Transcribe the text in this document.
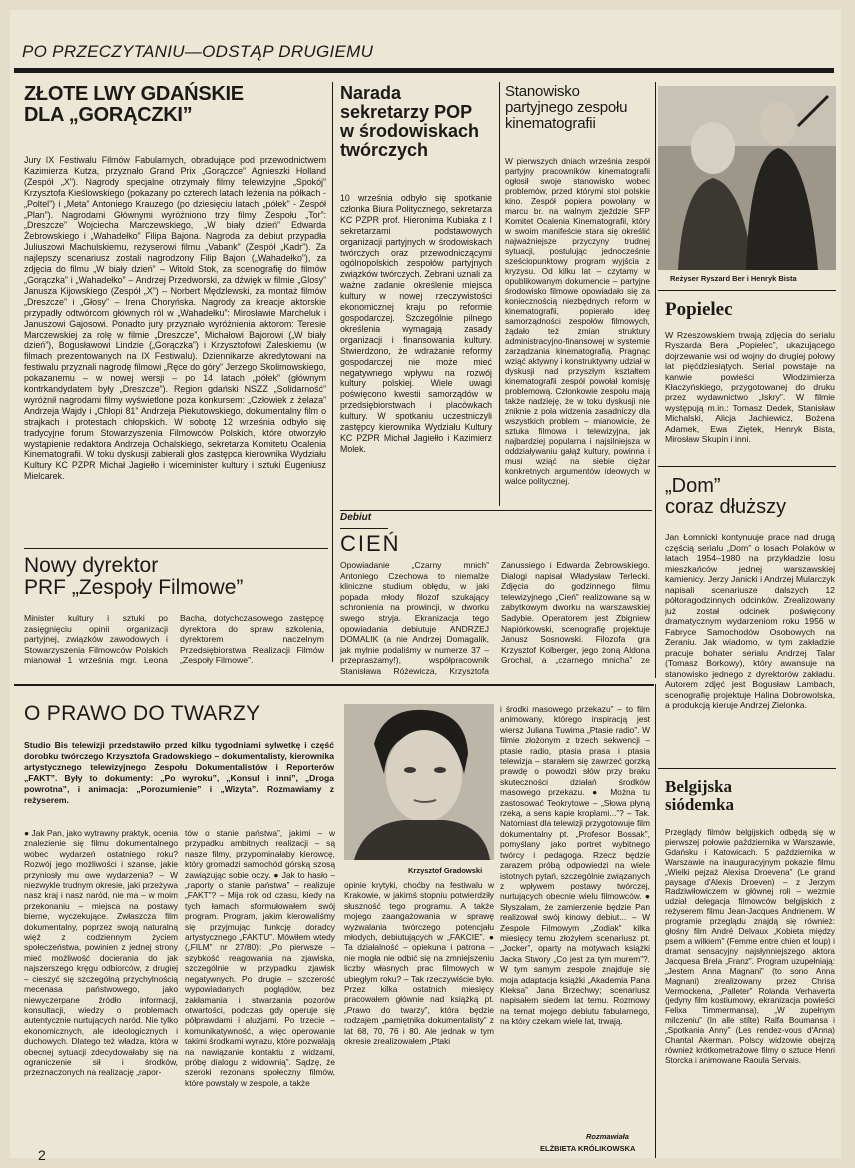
PO PRZECZYTANIU—ODSTĄP DRUGIEMU
ZŁOTE LWY GDAŃSKIE
DLA „GORĄCZKI”

Jury IX Festiwalu Filmów Fabularnych, obradujące pod przewodnictwem Kazimierza Kutza, przyznało Grand Prix „Gorączce” Agnieszki Holland (Zespół „X”). Nagrody specjalne otrzymały filmy telewizyjne „Spokój” Krzysztofa Kieślowskiego (pokazany po czterech latach leżenia na półkach - „Poltel”) i „Meta” Antoniego Krauzego (po dziesięciu latach „półek” - Zespół „Plan”). Nagrodami Głównymi wyróżniono trzy filmy Zespołu „Tor”: „Dreszcze” Wojciecha Marczewskiego, „W biały dzień” Edwarda Żebrowskiego i „Wahadełko” Filipa Bajona. Nagroda za debiut przypadła Juliuszowi Machulskiemu, reżyserowi filmu „Vabank” (Zespół „Kadr”). Za najlepszy scenariusz zostali nagrodzony Filip Bajon („Wahadełko”), za zdjęcia do filmu „W biały dzień” – Witold Stok, za scenografię do filmów „Gorączka” i „Wahadełko” – Andrzej Przedworski, za dźwięk w filmie „Glosy” Janusza Kijowskiego (Zespół „X”) – Norbert Mędzlewski, za montaż filmów „Dreszcze” i „Głosy” – Irena Choryńska. Nagrody za kreacje aktorskie przypadły odtwórcom głównych ról w „Wahadełku”: Mirosławie Marcheluk i Januszowi Gajosowi. Ponadto jury przyznało wyróżnienia aktorom: Teresie Marczewskiej za rolę w filmie „Dreszcze”, Michałowi Bajorowi („W biały dzień”), Bogusławowi Lindzie („Gorączka”) i Krzysztofowi Zaleskiemu (w filmach prezentowanych na IX Festiwalu). Dziennikarze akredytowani na festiwalu przyznali nagrodę filmowi „Ręce do góry” Jerzego Skolimowskiego, pokazanemu – w nowej wersji – po 14 latach „półek” (głównym kontrkandydatem były „Dreszcze”). Region gdański NSZZ „Solidarność” wyróżnił nagrodami filmy wyświetlone poza konkursem: „Człowiek z żelaza” Andrzeja Wajdy i „Chłopi 81” Andrzeja Piekutowskiego, dokumentalny film o strajkach i protestach chłopskich. W sobotę 12 września odbyło się tradycyjne forum Stowarzyszenia Filmowców Polskich, które otworzyło wystąpienie redaktora Andrzeja Ochalskiego, sekretarza Komitetu Ocalenia Kinematografii. W toku dyskusji zabierali głos zastępca kierownika Wydziału Kultury KC PZPR Michał Jagiełło i wiceminister kultury i sztuki Eugeniusz Mielcarek.

Narada sekretarzy POP w środowiskach twórczych

10 września odbyło się spotkanie członka Biura Politycznego, sekretarza KC PZPR prof. Hieronima Kubiaka z I sekretarzami podstawowych organizacji partyjnych w środowiskach twórczych oraz przewodniczącymi ogólnopolskich zespołów partyjnych związków twórczych. Zebrani uznali za ważne zadanie określenie miejsca kultury w nowej rzeczywistości ekonomicznej kraju po reformie gospodarczej. Szczególnie pilnego określenia wymagają zasady organizacji i finansowania kultury. Stwierdzono, że wdrażanie reformy gospodarczej nie może mieć negatywnego wpływu na rozwój kultury polskiej. Wiele uwagi poświęcono kwestii samorządów w przedsiębiorstwach i placówkach kultury. W spotkaniu uczestniczyli zastępcy kierownika Wydziału Kultury KC PZPR Michał Jagiełło i Kazimierz Molek.

Stanowisko partyjnego zespołu kinematografii

W pierwszych dniach września zespół partyjny pracowników kinematografii ogłosił swoje stanowisko wobec problemów, przed którymi stoi polskie kino. Zespół popiera powołany w marcu br. na walnym zjeździe SFP Komitet Ocalenia Kinematografii, który w swoim manifeście stara się określić najważniejsze przyczyny trudnej sytuacji, postulując jednocześnie sześciopunktowy program wyjścia z kryzysu. Od kilku lat – czytamy w opublikowanym dokumencie – partyjne środowisko filmowe opowiadało się za koniecznością niezbędnych reform w kinematografii, popierało ideę samorządności zespołów filmowych, żądało też zmian struktury administracyjno-finansowej w systemie zarządzania kinematografią. Pragnąc wziąć aktywny i konstruktywny udział w dyskusji nad przyszłym kształtem kinematografii zespół powołał komisję problemową. Członkowie zespołu mają także nadzieję, że w toku dyskusji nie zniknie z pola widzenia zasadniczy dla wszystkich problem – mianowicie, że sztuka filmowa i telewizyjna, jak najbardziej popularna i najsilniejsza w oddziaływaniu gałąź kultury, powinna i musi wziąć na siebie ciężar konkretnych argumentów ideowych w walce politycznej.

Reżyser Ryszard Ber i Henryk Bista
Popielec

W Rzeszowskiem trwają zdjęcia do serialu Ryszarda Bera „Popielec”, ukazującego dojrzewanie wsi od wojny do drugiej połowy lat pięćdziesiątych. Serial powstaje na kanwie powieści Włodzimierza Kłaczyńskiego, przygotowanej do druku przez wydawnictwo „Iskry”. W filmie występują m.in.: Tomasz Dedek, Stanisław Michalski, Alicja Jachiewicz, Bożena Adamek, Ewa Ziętek, Henryk Bista, Mirosław Skupin i inni.

„Dom”
coraz dłuższy

Jan Łomnicki kontynuuje prace nad drugą częścią serialu „Dom” o losach Polaków w latach 1954–1980 na przykładzie losu mieszkańców jednej warszawskiej kamienicy. Jerzy Janicki i Andrzej Mularczyk napisali scenariusze dalszych 12 półtoragodzinnych odcinków. Zrealizowany już został odcinek poświęcony dramatycznym wydarzeniom roku 1956 w Fabryce Samochodów Osobowych na Żeraniu. Jak wiadomo, w tym zakładzie pracuje bohater serialu Andrzej Talar (Tomasz Borkowy), który awansuje na stanowisko jednego z dyrektorów zakładu. Autorem zdjęć jest Bogusław Lambach, scenografię projektuje Halina Dobrowolska, a produkcją kieruje Andrzej Zielonka.

Belgijska
siódemka

Przeglądy filmów belgijskich odbędą się w pierwszej połowie października w Warszawie, Gdańsku i Katowicach. 5 października w Warszawie na inauguracyjnym pokazie filmu „Wielki pejzaż Alexisa Droevena” (Le grand paysage d'Alexis Droeven) – z Jerzym Radziwiłowiczem w głównej roli – wezmie udział delegacja filmowców belgijskich z reżyserem filmu Jean-Jacques Andrienem. W programie przeglądu znajdą się również: głośny film André Delvaux „Kobieta między psem a wilkiem” (Femme entre chien et loup) i dramat sensacyjny najsłynniejszego aktora Jacquesa Brela „Franz”. Program uzupełniają: „Jestem Anna Magnani” (to sono Anna Magnani) zrealizowany przez Chrisa Vermockena, „Palleter” Rolanda Verhaverta (jedyny film kostiumowy, ekranizacja powieści Felixa Timmermansa), „W zupełnym milczeniu” (In alle stilte) Ralfa Boumansa i „Spotkania Anny” (Les rendez-vous d'Anna) Chantal Akerman. Polscy widzowie obejrzą również krótkometrażowe filmy o sztuce Henri Storcka i animowane Raoula Servais.

Debiut
CIEŃ

Opowiadanie „Czarny mnich” Antoniego Czechowa to niemalże kliniczne studium obłędu, w jaki popada młody filozof szukający schronienia na prowincji, w dworku swego stryja. Ekranizacja tego opowiadania debiutuje ANDRZEJ DOMALIK (a nie Andrzej Domagalik, jak mylnie podaliśmy w numerze 37 – przepraszamy!), współpracownik Stanisława Różewicza, Krzysztofa Zanussiego i Edwarda Żebrowskiego. Dialogi napisał Władysław Terlecki. Zdjęcia do godzinnego filmu telewizyjnego „Cień” realizowane są w zabytkowym dworku na warszawskiej Sadybie. Operatorem jest Zbigniew Napiórkowski, scenografię projektuje Janusz Sosnowski. Filozofa gra Krzysztof Kolberger, jego żoną Aldona Grochal, a „czarnego mnicha” ze

Nowy dyrektor
PRF „Zespoły Filmowe”

Minister kultury i sztuki po zasięgnięciu opinii organizacji partyjnej, związków zawodowych i Stowarzyszenia Filmowców Polskich mianował 1 września mgr. Leona Bacha, dotychczasowego zastępcę dyrektora do spraw szkolenia, dyrektorem naczelnym Przedsiębiorstwa Realizacji Filmów „Zespoły Filmowe”.

O PRAWO DO TWARZY

Studio Bis telewizji przedstawiło przed kilku tygodniami sylwetkę i część dorobku twórczego Krzysztofa Gradowskiego – dokumentalisty, kierownika artystycznego telewizyjnego Zespołu Dokumentalistów i Reporterów „FAKT”. Były to dokumenty: „Po wyroku”, „Konsul i inni”, „Droga powrotna”, i animacja: „Porozumienie” i „Wizyta”. Rozmawiamy z reżyserem.

● Jak Pan, jako wytrawny praktyk, ocenia znalezienie się filmu dokumentalnego wobec wydarzeń ostatniego roku? Rozwój jego możliwości i szanse, jakie przyniosły mu owe wydarzenia? – W niezwykle trudnym okresie, jaki przeżywa nasz kraj i nasz naród, nie ma – w moim przekonaniu – miejsca na postawy bierne, wyczekujące. Zwłaszcza film dokumentalny, poprzez swoją naturalną więź z codziennym życiem społeczeństwa, powinien z jednej strony mieć możliwość docierania do jak najszerszego kręgu odbiorców, z drugiej – cieszyć się szczególną przychylnością mecenasa państwowego, jako niewyczerpane źródło informacji, konsultacji, wiedzy o problemach autentycznie nurtujących naród. Nie tylko ekonomicznych, ale ideologicznych i duchowych. Dlatego też władza, która w obecnej sytuacji zdecydowałaby się na ograniczenie sił i środków, przeznaczonych na realizację „rapor-

tów o stanie państwa”, jakimi – w przypadku ambitnych realizacji – są nasze filmy, przypominałaby kierowcę, który gromadzi samochód górską szosą zawiązując sobie oczy. ● Jak to hasło – „raporty o stanie państwa” – realizuje „FAKT”? – Mija rok od czasu, kiedy na tych łamach sformułowałem swój program. Program, jakim kierowaliśmy się przyjmując funkcję doradcy artystycznego „FAKTU”. Mówiłem wtedy („FILM” nr 27/80): „Po pierwsze – szybkość reagowania na zjawiska, szczególnie w przypadku zjawisk negatywnych. Po drugie – szczerość wypowiadanych poglądów, bez zakłamania i stwarzania pozorów otwartości, podczas gdy operuje się półprawdami i aluzjami. Po trzecie – komunikatywność, a więc operowanie takimi środkami wyrazu, które pozwalają na nawiązanie kontaktu z widzami, próbę dialogu z widownią”. Sądzę, że szeroki rezonans społeczny filmów, które powstały w zespole, a także

Krzysztof Gradowski

opinie krytyki, choćby na festiwalu w Krakowie, w jakimś stopniu potwierdziły słuszność tego programu. A także mojego zaangażowania w sprawę wyzwalania twórczego potencjału młodych, debiutujących w „FAKCIE”. ● Ta działalność – opiekuna i patrona – nie mogła nie odbić się na zmniejszeniu liczby własnych prac filmowych w ubiegłym roku? – Tak rzeczywiście było. Przez kilka ostatnich miesięcy pracowałem głównie nad książką pt. „Prawo do twarzy”, która będzie rodzajem „pamiętnika dokumentalisty” z lat 68, 70, 76 i 80. Ale jednak w tym okresie zrealizowałem „Ptaki

i środki masowego przekazu” – to film animowany, którego inspiracją jest wiersz Juliana Tuwima „Ptasie radio”. W filmie złożonym z trzech sekwencji – ptasie radio, ptasia prasa i ptasia telewizja – starałem się zawrzeć gorzką prawdę o powodzi słów przy braku skuteczności działań środków masowego przekazu. ● Można tu zastosować Teokrytowe – „Słowa płyną rzeką, a sens kapie kroplami...”? – Tak. Natomiast dla telewizji przygotowuje film dokumentalny pt. „Profesor Bossak”, pomyślany jako portret wybitnego twórcy i pedagoga. Rzecz będzie zarazem próbą odpowiedzi na wiele istotnych pytań, szczególnie związanych z wpływem postawy twórczej, nurtujących obecnie wielu filmowców. ● Słyszałam, że zamierzenie będzie Pan realizował swój kinowy debiut... – W Zespole Filmowym „Zodiak” kilka miesięcy temu złożyłem scenariusz pt. „Jocker”, oparty na motywach książki Jacka Stwory „Co jest za tym murem”?. W tym samym zespole znajduje się moja adaptacja książki „Akademia Pana Kleksa” Jana Brzechwy; scenariusz napisałem siedem lat temu. Rozmowy na temat mojego debiutu fabularnego, na który czekam wiele lat, trwają.

Rozmawiała
ELŻBIETA KRÓLIKOWSKA
2
